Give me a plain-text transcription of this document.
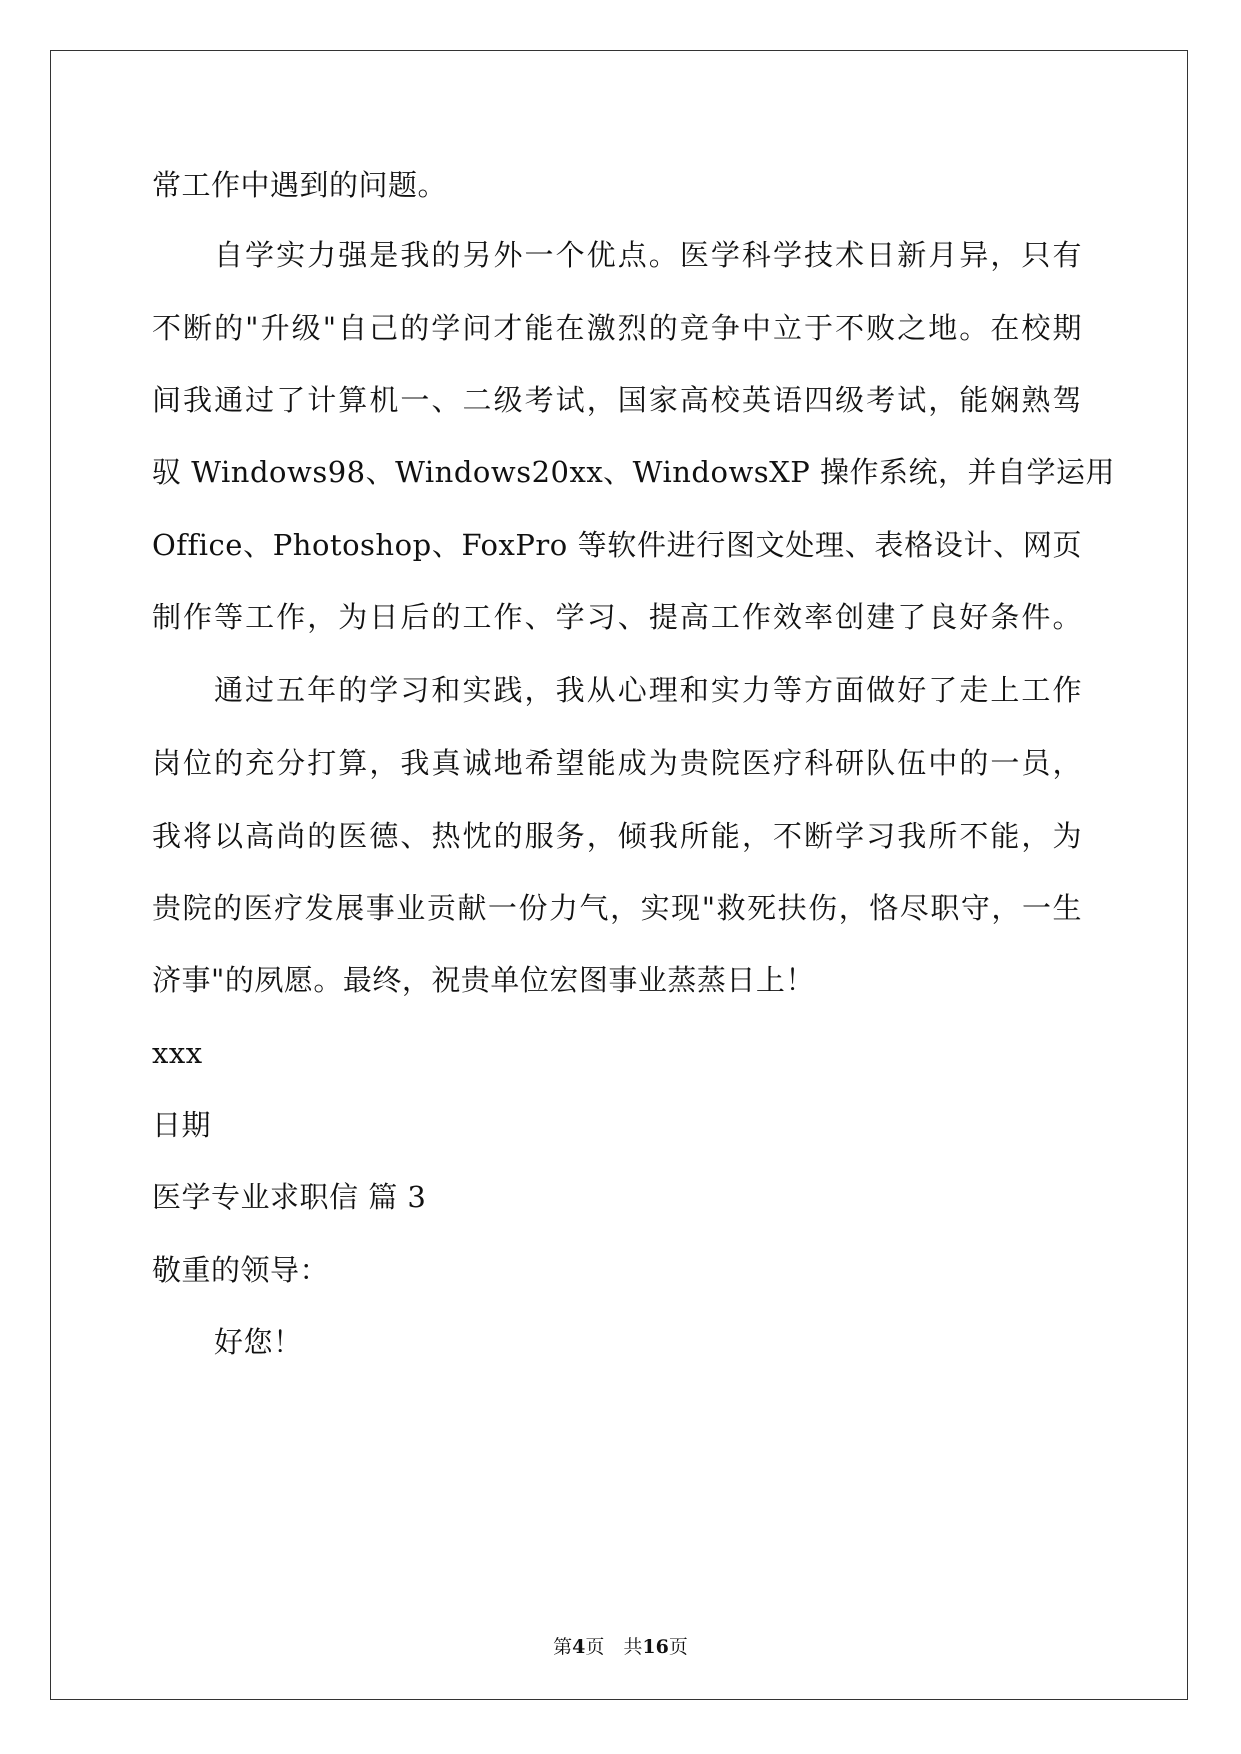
常工作中遇到的问题。
自学实力强是我的另外一个优点。医学科学技术日新月异，只有
不断的"升级"自己的学问才能在激烈的竞争中立于不败之地。在校期
间我通过了计算机一、二级考试，国家高校英语四级考试，能娴熟驾
驭 Windows98、Windows20xx、WindowsXP 操作系统，并自学运用
Office、Photoshop、FoxPro 等软件进行图文处理、表格设计、网页
制作等工作，为日后的工作、学习、提高工作效率创建了良好条件。
通过五年的学习和实践，我从心理和实力等方面做好了走上工作
岗位的充分打算，我真诚地希望能成为贵院医疗科研队伍中的一员，
我将以高尚的医德、热忱的服务，倾我所能，不断学习我所不能，为
贵院的医疗发展事业贡献一份力气，实现"救死扶伤，恪尽职守，一生
济事"的夙愿。最终，祝贵单位宏图事业蒸蒸日上！
xxx
日期
医学专业求职信 篇 3
敬重的领导：
好您！
第4页　共16页
